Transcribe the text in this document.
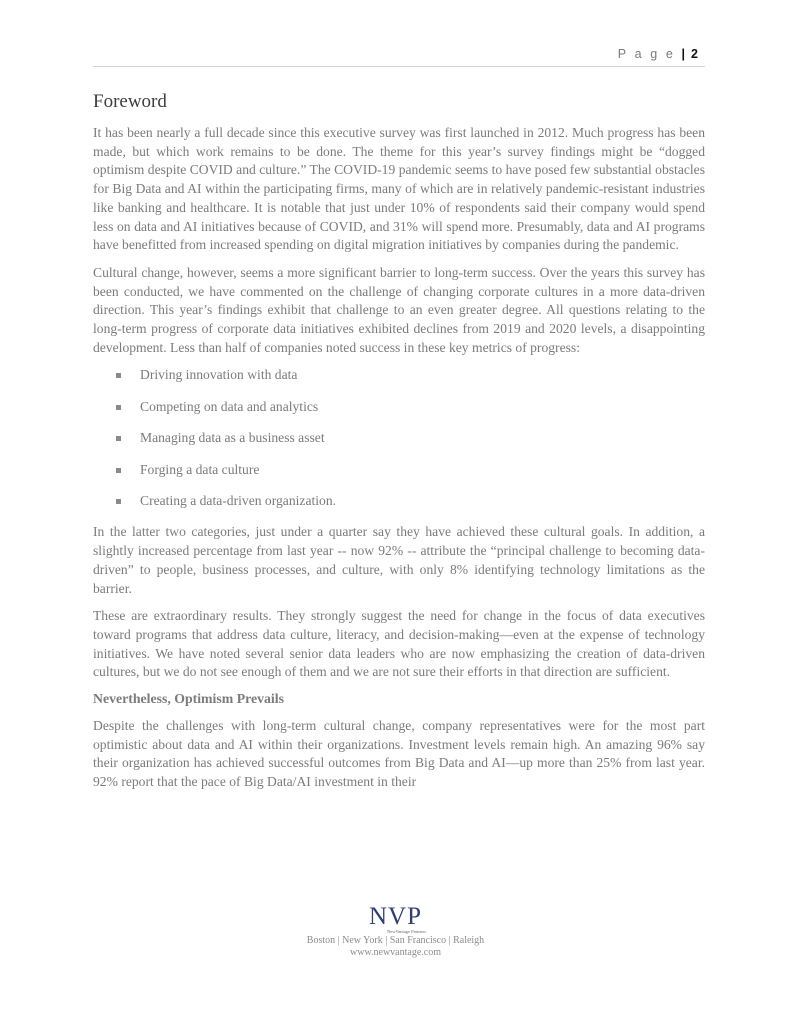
P a g e | 2
Foreword

It has been nearly a full decade since this executive survey was first launched in 2012. Much progress has been made, but which work remains to be done. The theme for this year’s survey findings might be “dogged optimism despite COVID and culture.” The COVID-19 pandemic seems to have posed few substantial obstacles for Big Data and AI within the participating firms, many of which are in relatively pandemic-resistant industries like banking and healthcare. It is notable that just under 10% of respondents said their company would spend less on data and AI initiatives because of COVID, and 31% will spend more. Presumably, data and AI programs have benefitted from increased spending on digital migration initiatives by companies during the pandemic.

Cultural change, however, seems a more significant barrier to long-term success. Over the years this survey has been conducted, we have commented on the challenge of changing corporate cultures in a more data-driven direction. This year’s findings exhibit that challenge to an even greater degree. All questions relating to the long-term progress of corporate data initiatives exhibited declines from 2019 and 2020 levels, a disappointing development. Less than half of companies noted success in these key metrics of progress:

Driving innovation with data
Competing on data and analytics
Managing data as a business asset
Forging a data culture
Creating a data-driven organization.

In the latter two categories, just under a quarter say they have achieved these cultural goals. In addition, a slightly increased percentage from last year -- now 92% -- attribute the “principal challenge to becoming data-driven” to people, business processes, and culture, with only 8% identifying technology limitations as the barrier.

These are extraordinary results. They strongly suggest the need for change in the focus of data executives toward programs that address data culture, literacy, and decision-making—even at the expense of technology initiatives. We have noted several senior data leaders who are now emphasizing the creation of data-driven cultures, but we do not see enough of them and we are not sure their efforts in that direction are sufficient.

Nevertheless, Optimism Prevails

Despite the challenges with long-term cultural change, company representatives were for the most part optimistic about data and AI within their organizations. Investment levels remain high. An amazing 96% say their organization has achieved successful outcomes from Big Data and AI—up more than 25% from last year. 92% report that the pace of Big Data/AI investment in their

NVP
NewVantage Partners
Boston | New York | San Francisco | Raleigh
www.newvantage.com
